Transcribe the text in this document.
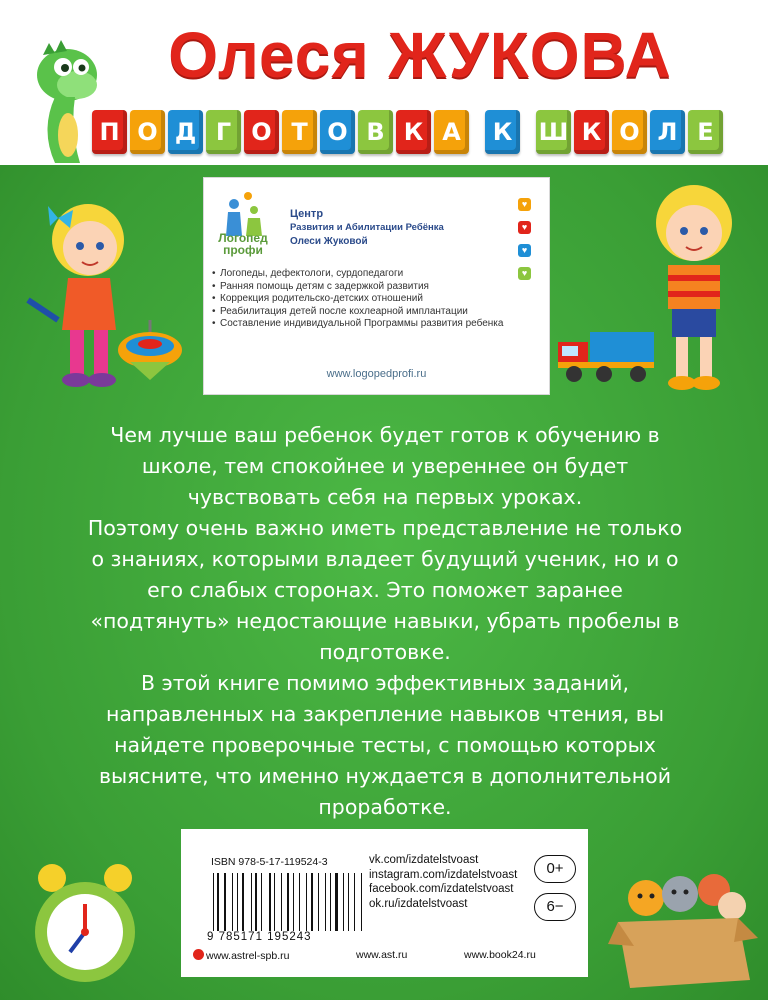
Олеся ЖУКОВА
П О Д Г О Т О В К А	К	Ш К О Л Е
Логопед
профи
Центр
Развития и Абилитации Ребёнка
Олеси Жуковой
♥
♥
♥
♥
• Логопеды, дефектологи, сурдопедагоги
• Ранняя помощь детям с задержкой развития
• Коррекция родительско-детских отношений
• Реабилитация детей после кохлеарной имплантации
• Составление индивидуальной Программы развития ребенка
www.logopedprofi.ru

Чем лучше ваш ребенок будет готов к обучению в школе, тем спокойнее и увереннее он будет чувствовать себя на первых уроках.

Поэтому очень важно иметь представление не только о знаниях, которыми владеет будущий ученик, но и о его слабых сторонах. Это поможет заранее «подтянуть» недостающие навыки, убрать пробелы в подготовке.

В этой книге помимо эффективных заданий, направленных на закрепление навыков чтения, вы найдете проверочные тесты, с помощью которых выясните, что именно нуждается в дополнительной проработке.

ISBN 978-5-17-119524-3
9 785171 195243
vk.com/izdatelstvoast
instagram.com/izdatelstvoast
facebook.com/izdatelstvoast
ok.ru/izdatelstvoast
0+
6−
www.astrel-spb.ru	www.ast.ru	www.book24.ru
